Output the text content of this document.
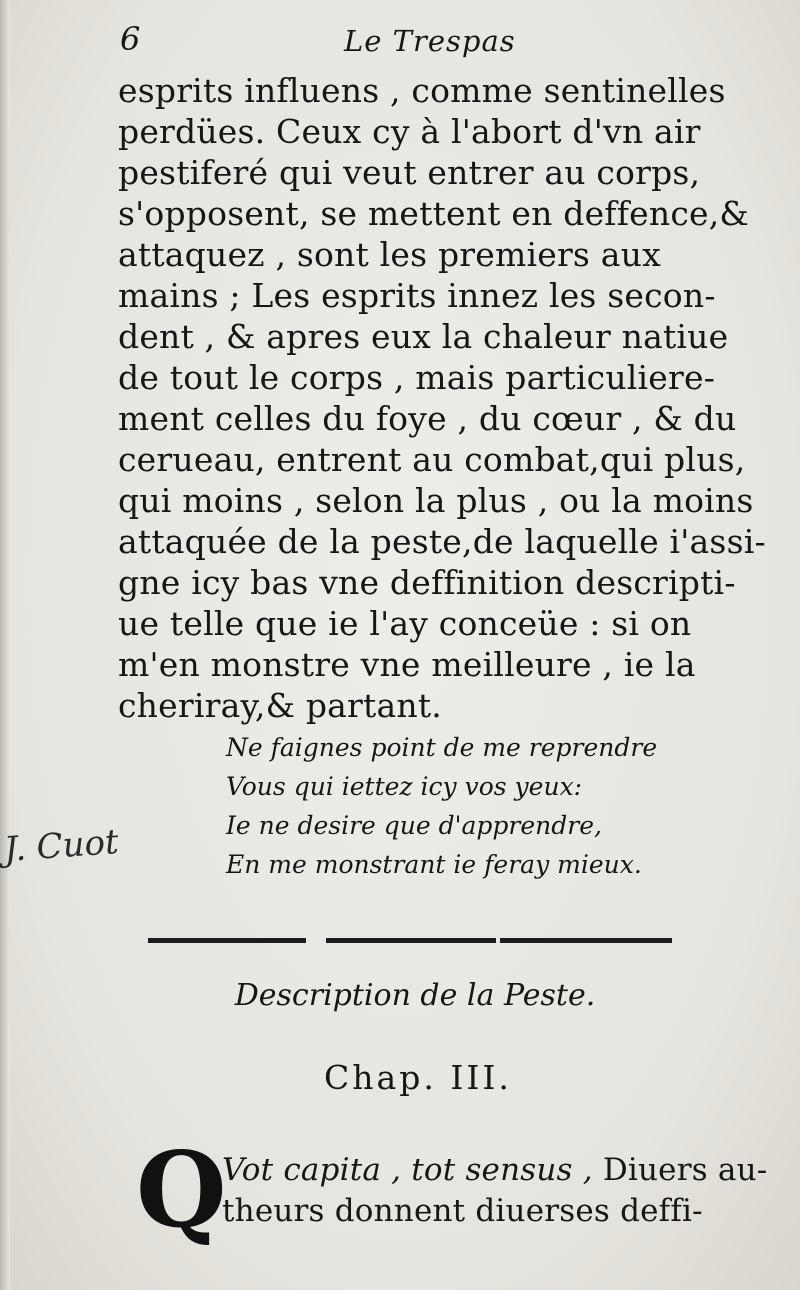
6	Le Trespas
esprits influens , comme sentinelles
perdües. Ceux cy à l'abort d'vn air
pestiferé qui veut entrer au corps,
s'opposent, se mettent en deffence,&
attaquez , sont les premiers aux
mains ; Les esprits innez les secon-
dent , & apres eux la chaleur natiue
de tout le corps , mais particuliere-
ment celles du foye , du cœur , & du
cerueau, entrent au combat,qui plus,
qui moins , selon la plus , ou la moins
attaquée de la peste,de laquelle i'assi-
gne icy bas vne deffinition descripti-
ue telle que ie l'ay conceüe : si on
m'en monstre vne meilleure , ie la
cheriray,& partant.
Ne faignes point de me reprendre
Vous qui iettez icy vos yeux:
Ie ne desire que d'apprendre,
En me monstrant ie feray mieux.
J. Cuot
Description de la Peste.
Chap. III.
Q
Vot capita , tot sensus , Diuers au-
theurs donnent diuerses deffi-
